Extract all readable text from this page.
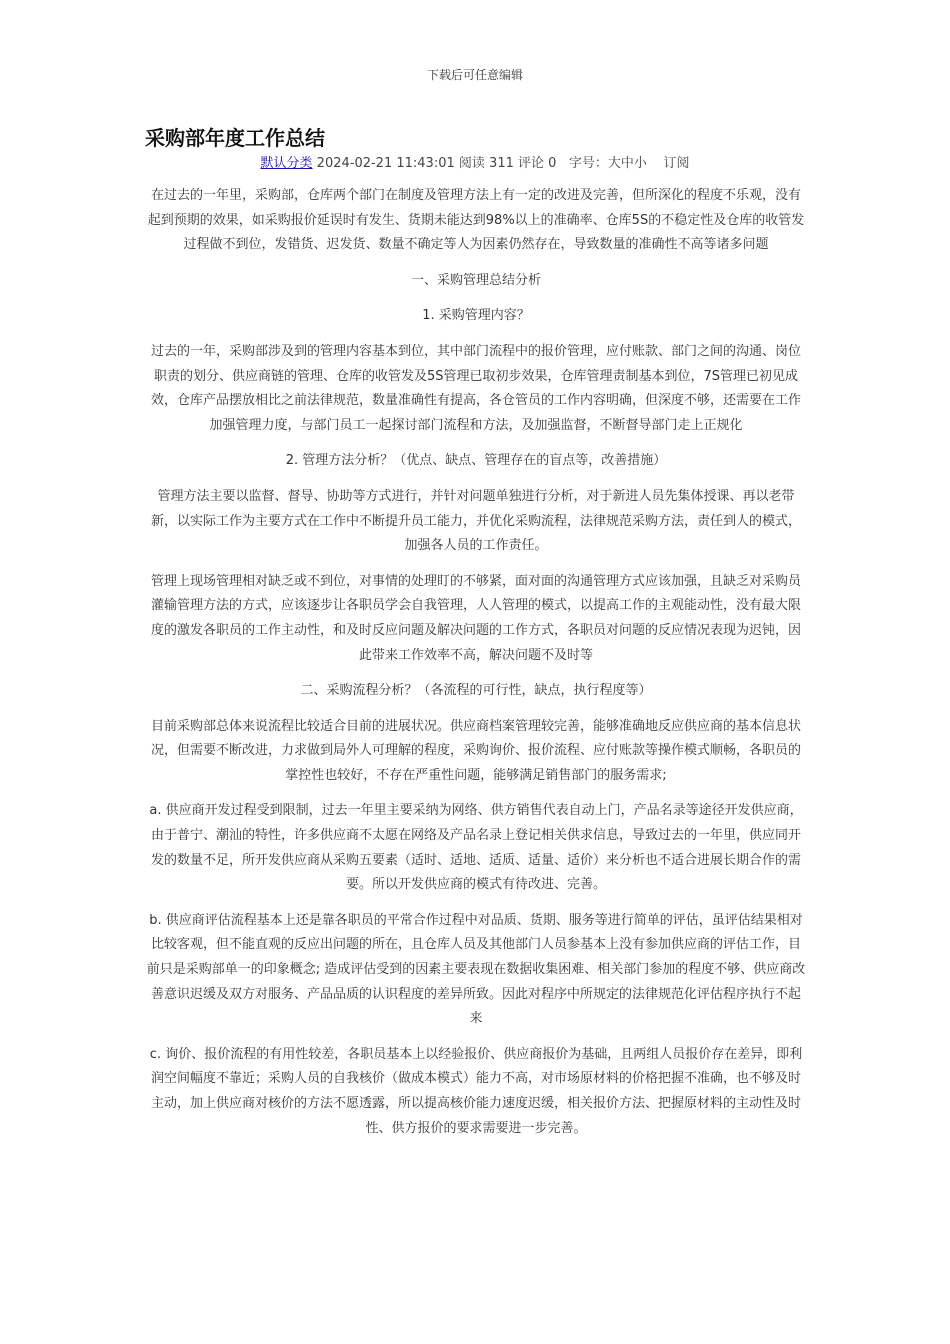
下载后可任意编辑
采购部年度工作总结
默认分类 2024-02-21 11:43:01 阅读 311 评论 0 字号：大中小 订阅

在过去的一年里，采购部，仓库两个部门在制度及管理方法上有一定的改进及完善，但所深化的程度不乐观，没有起到预期的效果，如采购报价延误时有发生、货期未能达到98%以上的准确率、仓库5S的不稳定性及仓库的收管发过程做不到位，发错货、迟发货、数量不确定等人为因素仍然存在，导致数量的准确性不高等诸多问题

一、采购管理总结分析

1. 采购管理内容？

过去的一年，采购部涉及到的管理内容基本到位，其中部门流程中的报价管理，应付账款、部门之间的沟通、岗位职责的划分、供应商链的管理、仓库的收管发及5S管理已取初步效果，仓库管理责制基本到位，7S管理已初见成效，仓库产品摆放相比之前法律规范，数量准确性有提高，各仓管员的工作内容明确，但深度不够，还需要在工作加强管理力度，与部门员工一起探讨部门流程和方法，及加强监督，不断督导部门走上正规化

2. 管理方法分析？（优点、缺点、管理存在的盲点等，改善措施）

管理方法主要以监督、督导、协助等方式进行，并针对问题单独进行分析，对于新进人员先集体授课、再以老带新，以实际工作为主要方式在工作中不断提升员工能力，并优化采购流程，法律规范采购方法，责任到人的模式，加强各人员的工作责任。

管理上现场管理相对缺乏或不到位，对事情的处理盯的不够紧，面对面的沟通管理方式应该加强，且缺乏对采购员灌输管理方法的方式，应该逐步让各职员学会自我管理，人人管理的模式，以提高工作的主观能动性，没有最大限度的激发各职员的工作主动性，和及时反应问题及解决问题的工作方式，各职员对问题的反应情况表现为迟钝，因此带来工作效率不高，解决问题不及时等

二、采购流程分析？（各流程的可行性，缺点，执行程度等）

目前采购部总体来说流程比较适合目前的进展状况。供应商档案管理较完善，能够准确地反应供应商的基本信息状况，但需要不断改进，力求做到局外人可理解的程度，采购询价、报价流程、应付账款等操作模式顺畅，各职员的掌控性也较好，不存在严重性问题，能够满足销售部门的服务需求;

a. 供应商开发过程受到限制，过去一年里主要采纳为网络、供方销售代表自动上门，产品名录等途径开发供应商，由于普宁、潮汕的特性，许多供应商不太愿在网络及产品名录上登记相关供求信息，导致过去的一年里，供应同开发的数量不足，所开发供应商从采购五要素（适时、适地、适质、适量、适价）来分析也不适合进展长期合作的需要。所以开发供应商的模式有待改进、完善。

b. 供应商评估流程基本上还是靠各职员的平常合作过程中对品质、货期、服务等进行简单的评估，虽评估结果相对比较客观，但不能直观的反应出问题的所在，且仓库人员及其他部门人员参基本上没有参加供应商的评估工作，目前只是采购部单一的印象概念; 造成评估受到的因素主要表现在数据收集困难、相关部门参加的程度不够、供应商改善意识迟缓及双方对服务、产品品质的认识程度的差异所致。因此对程序中所规定的法律规范化评估程序执行不起来

c. 询价、报价流程的有用性较差，各职员基本上以经验报价、供应商报价为基础，且两组人员报价存在差异，即利润空间幅度不靠近；采购人员的自我核价（做成本模式）能力不高，对市场原材料的价格把握不准确，也不够及时主动，加上供应商对核价的方法不愿透露，所以提高核价能力速度迟缓，相关报价方法、把握原材料的主动性及时性、供方报价的要求需要进一步完善。
